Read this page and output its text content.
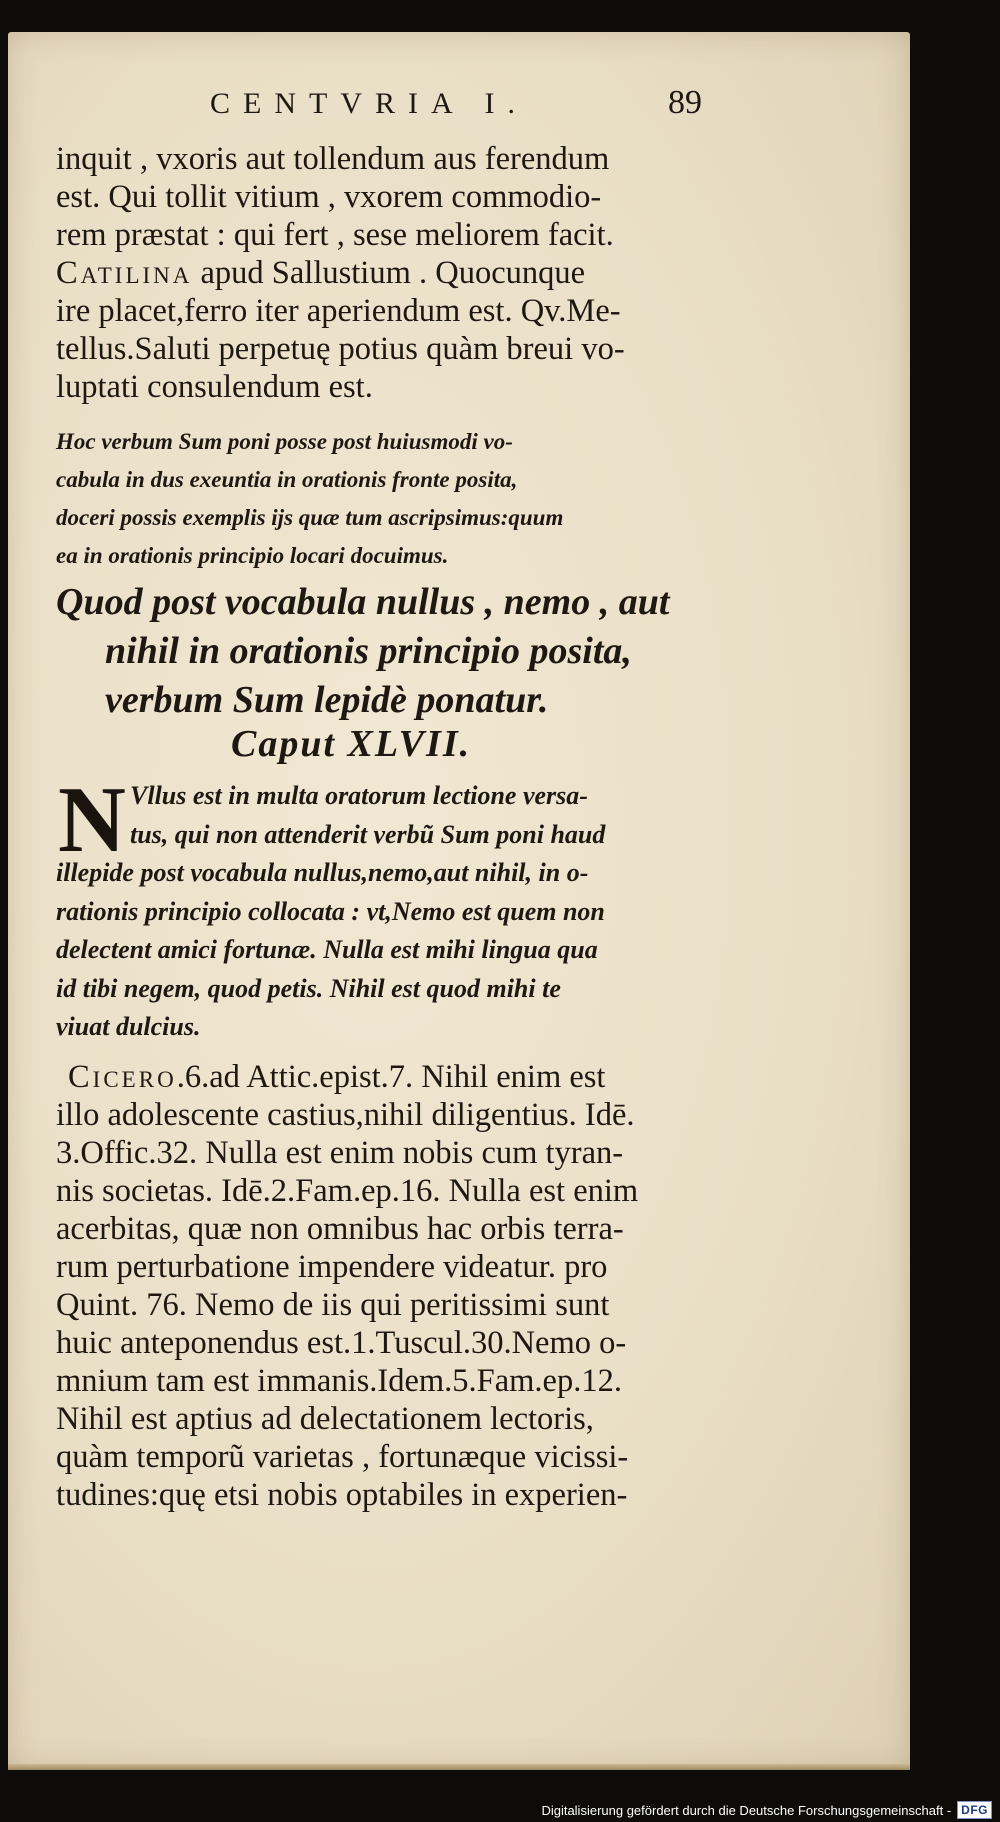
CENTVRIA I.	89
inquit , vxoris aut tollendum aus ferendum
est. Qui tollit vitium , vxorem commodio-
rem præstat : qui fert , sese meliorem facit.
Catilina apud Sallustium . Quocunque
ire placet,ferro iter aperiendum est. Qv.Me-
tellus.Saluti perpetuę potius quàm breui vo-
luptati consulendum est.
Hoc verbum Sum poni posse post huiusmodi vo-
cabula in dus exeuntia in orationis fronte posita,
doceri possis exemplis ijs quæ tum ascripsimus:quum
ea in orationis principio locari docuimus.
Quod post vocabula nullus , nemo , aut
nihil in orationis principio posita,
verbum Sum lepidè ponatur.
Caput XLVII.
N Vllus est in multa oratorum lectione versa-
tus, qui non attenderit verbũ Sum poni haud
illepide post vocabula nullus,nemo,aut nihil, in o-
rationis principio collocata : vt,Nemo est quem non
delectent amici fortunæ. Nulla est mihi lingua qua
id tibi negem, quod petis. Nihil est quod mihi te
viuat dulcius.
Cicero.6.ad Attic.epist.7. Nihil enim est
illo adolescente castius,nihil diligentius. Idē.
3.Offic.32. Nulla est enim nobis cum tyran-
nis societas. Idē.2.Fam.ep.16. Nulla est enim
acerbitas, quæ non omnibus hac orbis terra-
rum perturbatione impendere videatur. pro
Quint. 76. Nemo de iis qui peritissimi sunt
huic anteponendus est.1.Tuscul.30.Nemo o-
mnium tam est immanis.Idem.5.Fam.ep.12.
Nihil est aptius ad delectationem lectoris,
quàm temporũ varietas , fortunæque vicissi-
tudines:quę etsi nobis optabiles in experien-
Digitalisierung gefördert durch die Deutsche Forschungsgemeinschaft - DFG
